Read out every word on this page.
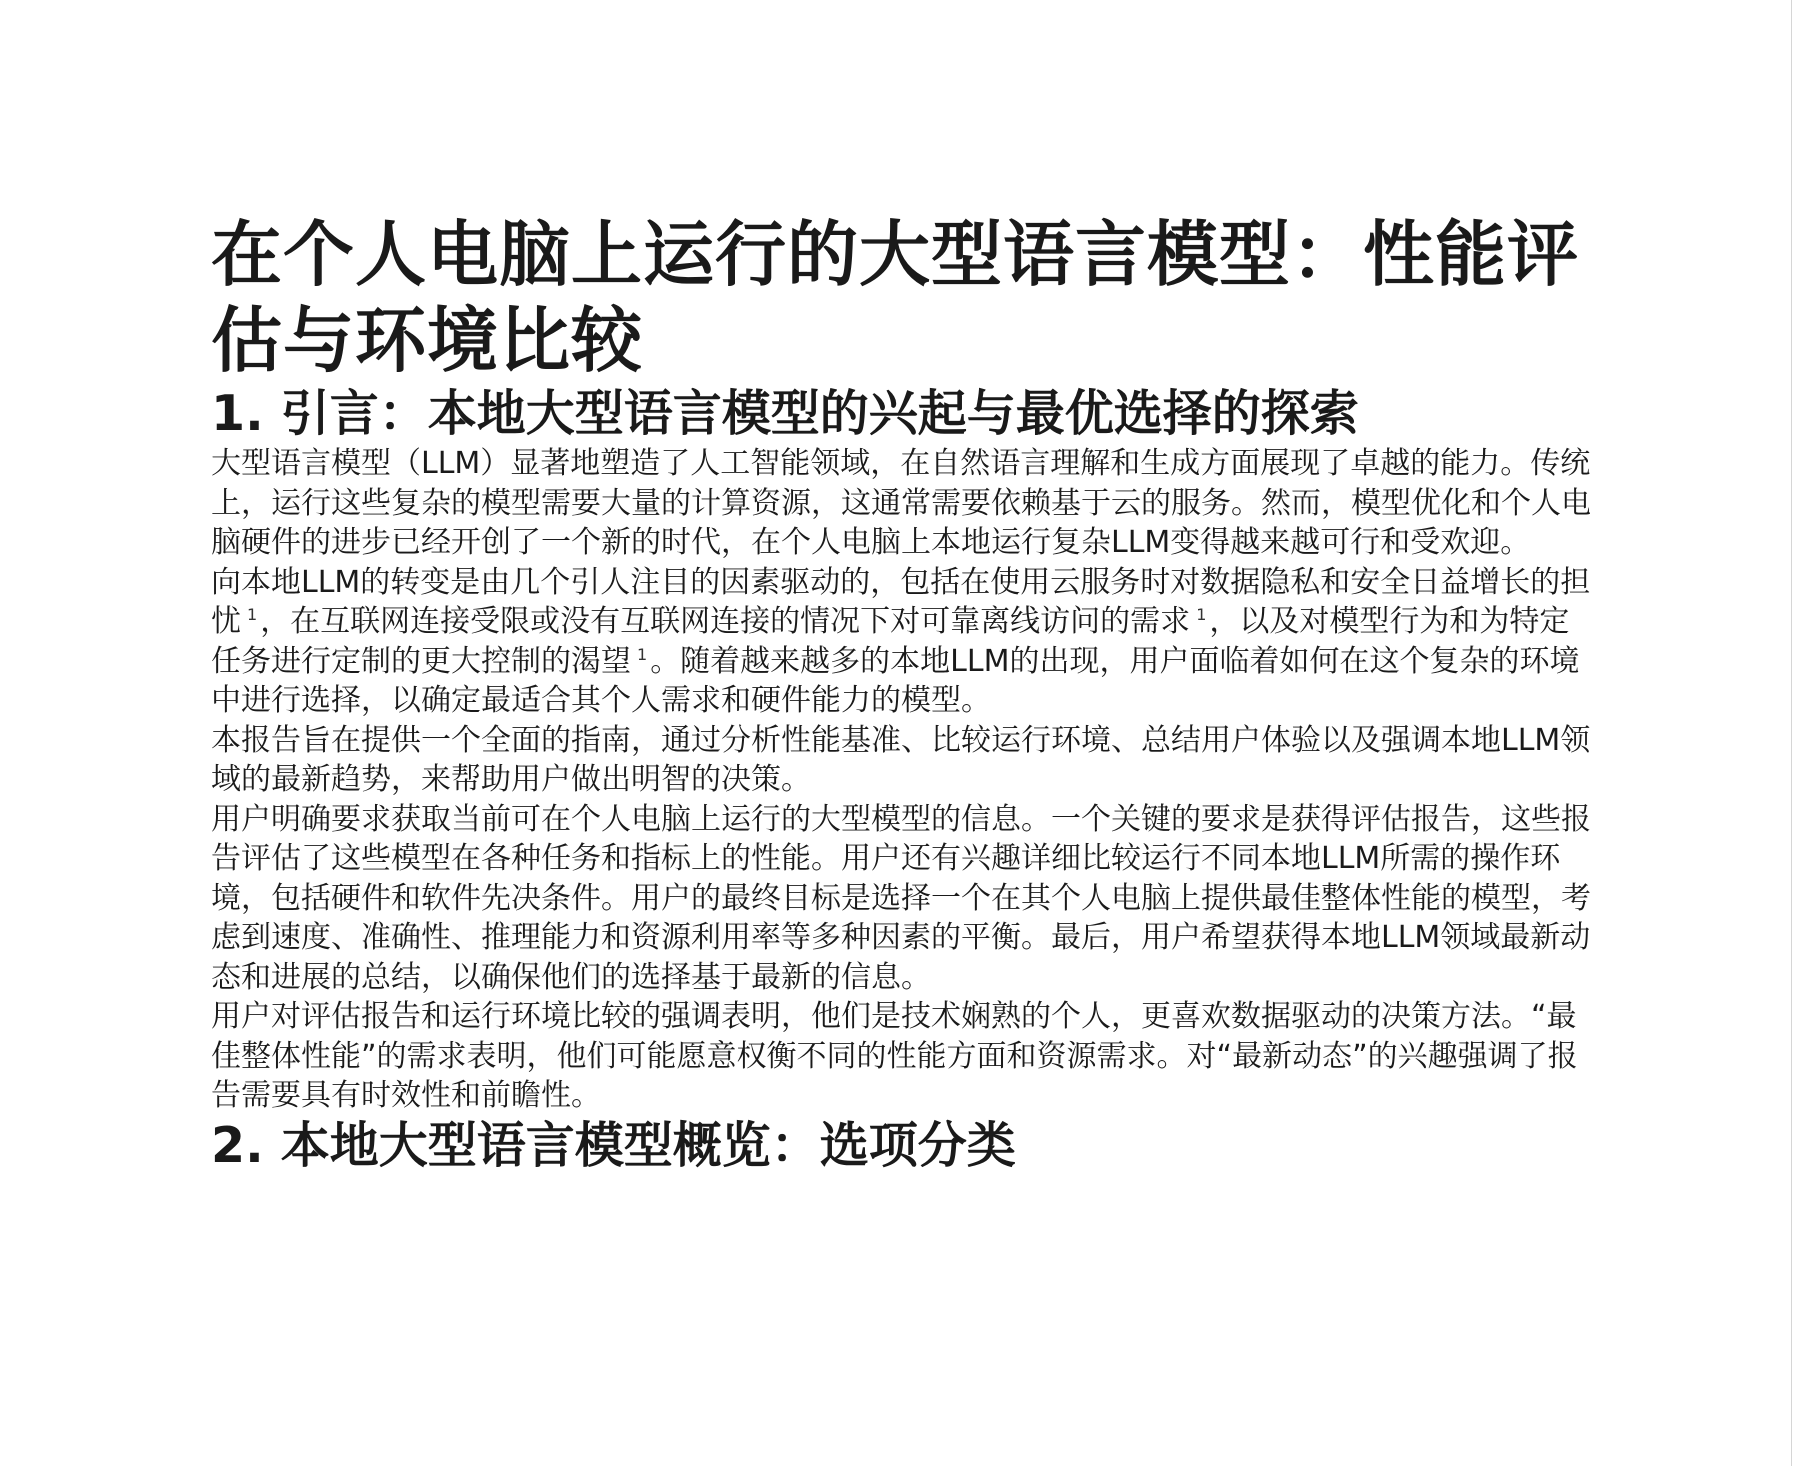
在个人电脑上运行的大型语言模型：性能评估与环境比较
1. 引言：本地大型语言模型的兴起与最优选择的探索

大型语言模型（LLM）显著地塑造了人工智能领域，在自然语言理解和生成方面展现了卓越的能力。传统上，运行这些复杂的模型需要大量的计算资源，这通常需要依赖基于云的服务。然而，模型优化和个人电脑硬件的进步已经开创了一个新的时代，在个人电脑上本地运行复杂LLM变得越来越可行和受欢迎。

向本地LLM的转变是由几个引人注目的因素驱动的，包括在使用云服务时对数据隐私和安全日益增长的担忧 $^1$ ，在互联网连接受限或没有互联网连接的情况下对可靠离线访问的需求 $^1$ ，以及对模型行为和为特定任务进行定制的更大控制的渴望 $^1$ 。随着越来越多的本地LLM的出现，用户面临着如何在这个复杂的环境中进行选择，以确定最适合其个人需求和硬件能力的模型。

本报告旨在提供一个全面的指南，通过分析性能基准、比较运行环境、总结用户体验以及强调本地LLM领域的最新趋势，来帮助用户做出明智的决策。

用户明确要求获取当前可在个人电脑上运行的大型模型的信息。一个关键的要求是获得评估报告，这些报告评估了这些模型在各种任务和指标上的性能。用户还有兴趣详细比较运行不同本地LLM所需的操作环境，包括硬件和软件先决条件。用户的最终目标是选择一个在其个人电脑上提供最佳整体性能的模型，考虑到速度、准确性、推理能力和资源利用率等多种因素的平衡。最后，用户希望获得本地LLM领域最新动态和进展的总结，以确保他们的选择基于最新的信息。

用户对评估报告和运行环境比较的强调表明，他们是技术娴熟的个人，更喜欢数据驱动的决策方法。“最佳整体性能”的需求表明，他们可能愿意权衡不同的性能方面和资源需求。对“最新动态”的兴趣强调了报告需要具有时效性和前瞻性。

2. 本地大型语言模型概览：选项分类
